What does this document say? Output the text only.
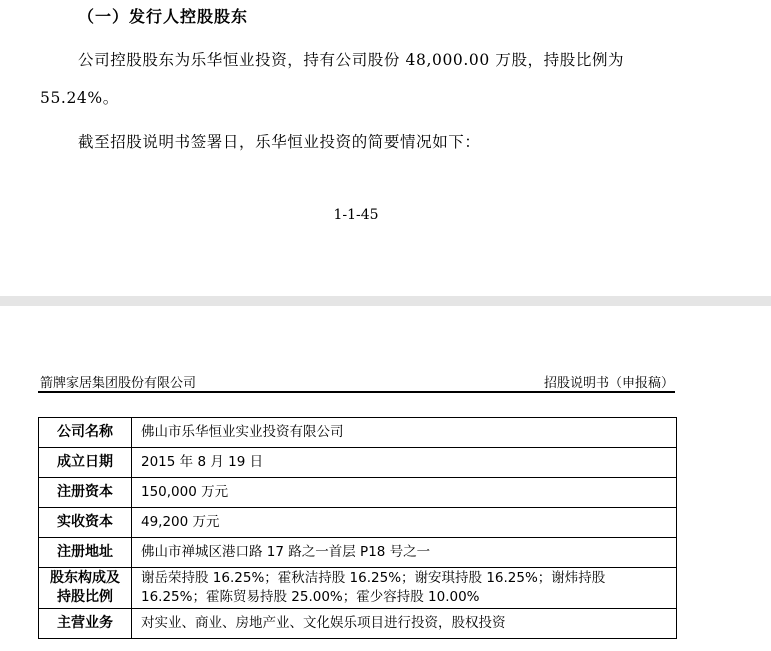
（一）发行人控股股东
公司控股股东为乐华恒业投资，持有公司股份 48,000.00 万股，持股比例为
55.24%。
截至招股说明书签署日，乐华恒业投资的简要情况如下：
1-1-45
箭牌家居集团股份有限公司	招股说明书（申报稿）
公司名称	佛山市乐华恒业实业投资有限公司
成立日期	2015 年 8 月 19 日
注册资本	150,000 万元
实收资本	49,200 万元
注册地址	佛山市禅城区港口路 17 路之一首层 P18 号之一

股东构成及
持股比例	谢岳荣持股 16.25%；霍秋洁持股 16.25%；谢安琪持股 16.25%；谢炜持股 16.25%；霍陈贸易持股 25.00%；霍少容持股 10.00%
主营业务	对实业、商业、房地产业、文化娱乐项目进行投资，股权投资
